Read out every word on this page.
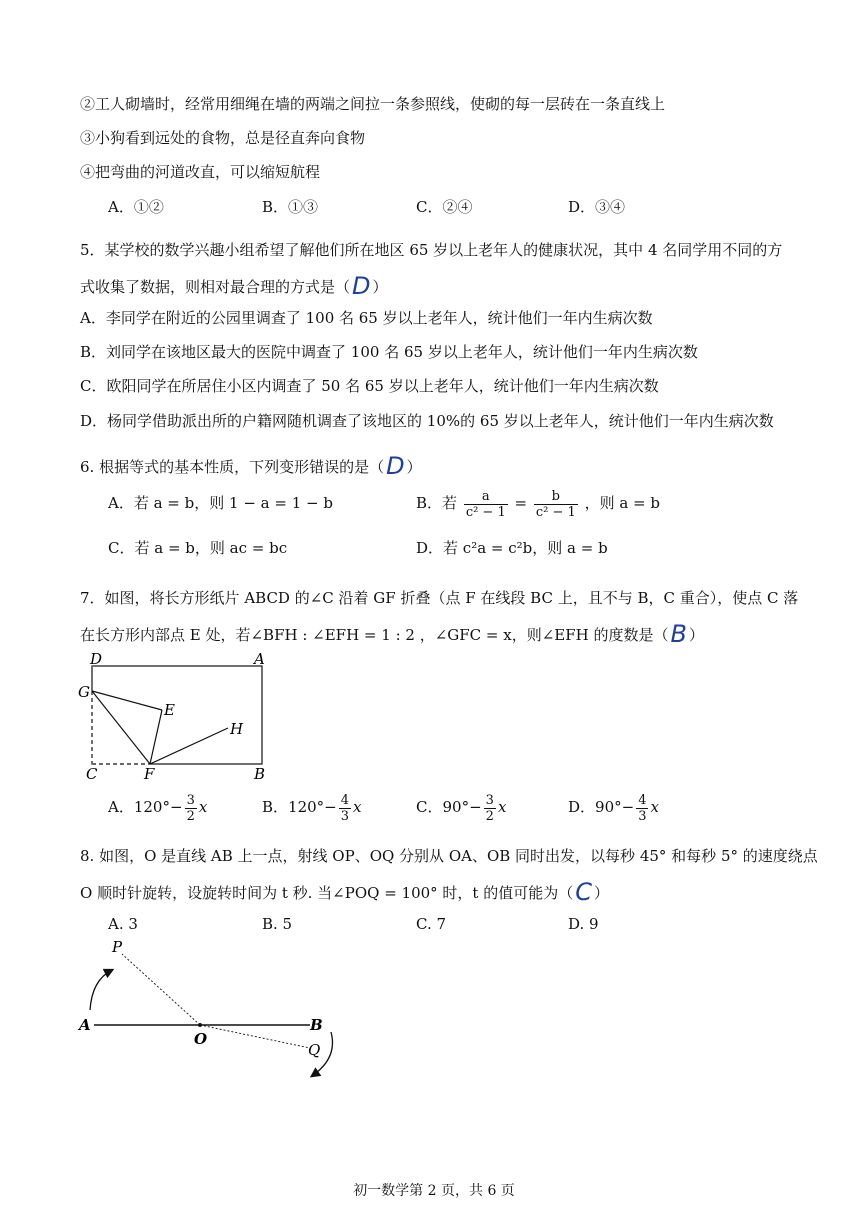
②工人砌墙时，经常用细绳在墙的两端之间拉一条参照线，使砌的每一层砖在一条直线上
③小狗看到远处的食物，总是径直奔向食物
④把弯曲的河道改直，可以缩短航程
A．①②	B．①③	C．②④	D．③④
5．某学校的数学兴趣小组希望了解他们所在地区 65 岁以上老年人的健康状况，其中 4 名同学用不同的方
式收集了数据，则相对最合理的方式是（D ）
A．李同学在附近的公园里调查了 100 名 65 岁以上老年人，统计他们一年内生病次数
B．刘同学在该地区最大的医院中调查了 100 名 65 岁以上老年人，统计他们一年内生病次数
C．欧阳同学在所居住小区内调查了 50 名 65 岁以上老年人，统计他们一年内生病次数
D．杨同学借助派出所的户籍网随机调查了该地区的 10%的 65 岁以上老年人，统计他们一年内生病次数
6. 根据等式的基本性质，下列变形错误的是（D ）
A．若 a = b，则 1 − a = 1 − b	B．若 $\frac{a}{\text{c² − 1}} = \frac{b}{\text{c² − 1}}$ ，则 a = b
C．若 a = b，则 ac = bc	D．若 c²a = c²b，则 a = b
7．如图，将长方形纸片 ABCD 的∠C 沿着 GF 折叠（点 F 在线段 BC 上，且不与 B，C 重合），使点 C 落
在长方形内部点 E 处，若∠BFH : ∠EFH = 1 : 2 ，∠GFC = x，则∠EFH 的度数是（B ）
D	A
G
E
H
C	F	B
A．$120^\circ- \frac{3}{2}$ x	B．$120^\circ- \frac{4}{3}$ x	C．$90^\circ- \frac{3}{2}$ x	D．$90^\circ- \frac{4}{3}$ x
8. 如图，O 是直线 AB 上一点，射线 OP、OQ 分别从 OA、OB 同时出发，以每秒 45° 和每秒 5° 的速度绕点
O 顺时针旋转，设旋转时间为 t 秒. 当∠POQ = 100° 时，t 的值可能为（C ）
A. 3	B. 5	C. 7	D. 9
P
A
O
B
Q
初一数学第 2 页，共 6 页
